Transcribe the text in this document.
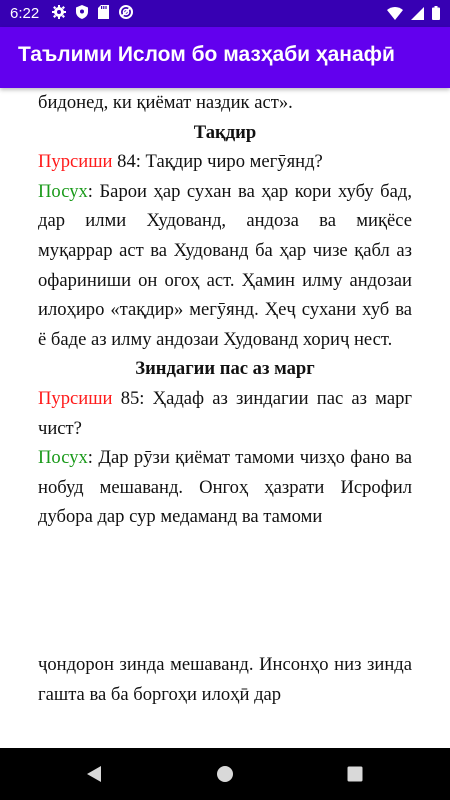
6:22
Таълими Ислом бо мазҳаби ҳанафӣ

бидонед, ки қиёмат наздик аст».

Тақдир

Пурсиши 84: Тақдир чиро мегӯянд?

Посух: Барои ҳар сухан ва ҳар кори хубу бад, дар илми Худованд, андоза ва миқёсе муқаррар аст ва Худованд ба ҳар чизе қабл аз офариниши он огоҳ аст. Ҳамин илму андозаи илоҳиро «тақдир» мегӯянд. Ҳеҷ сухани хуб ва ё баде аз илму андозаи Худованд хориҷ нест.

Зиндагии пас аз марг

Пурсиши 85: Ҳадаф аз зиндагии пас аз марг чист?

Посух: Дар рӯзи қиёмат тамоми чизҳо фано ва нобуд мешаванд. Онгоҳ ҳазрати Исрофил дубора дар сур медаманд ва тамоми

ҷондорон зинда мешаванд. Инсонҳо низ зинда гашта ва ба боргоҳи илоҳӣ дар
